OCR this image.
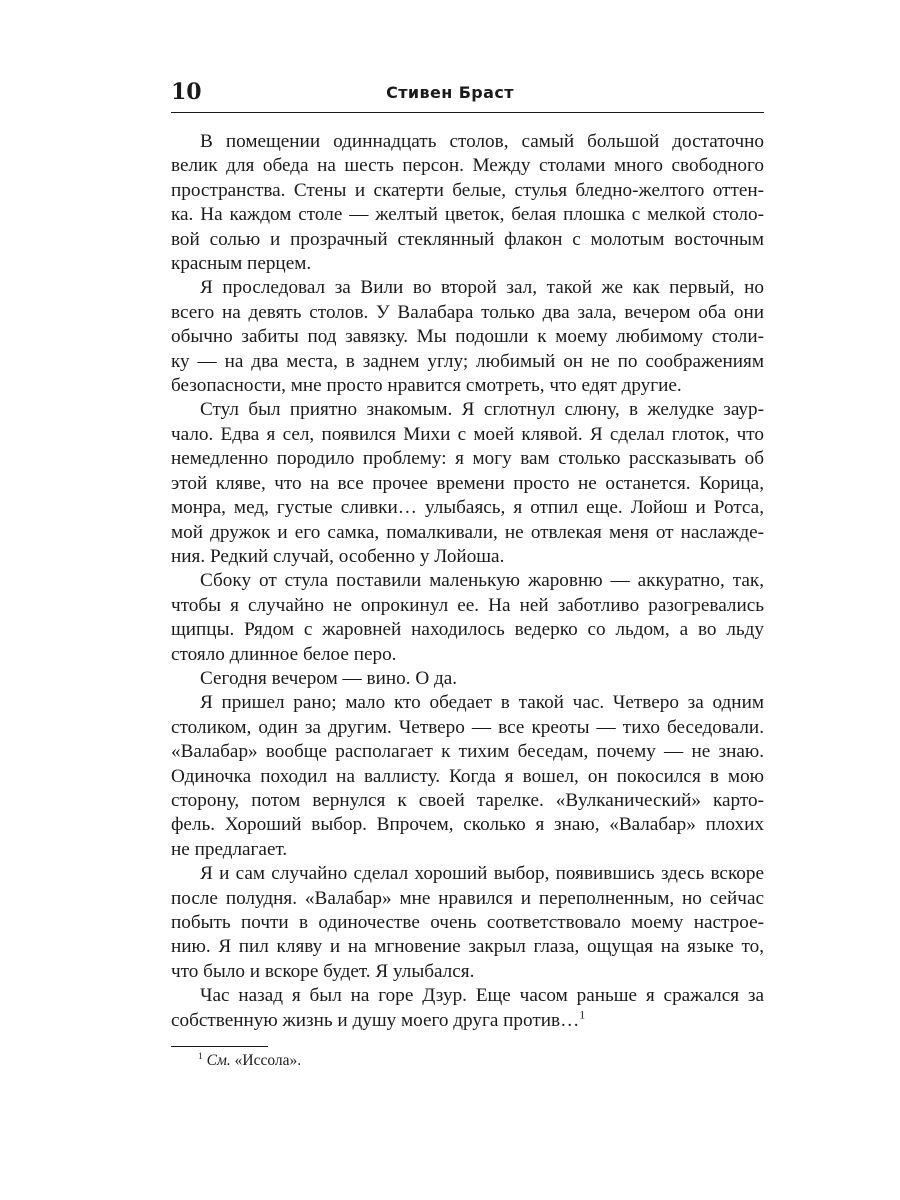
10	Стивен Браст
В помещении одиннадцать столов, самый большой достаточно
велик для обеда на шесть персон. Между столами много свободного
пространства. Стены и скатерти белые, стулья бледно-желтого оттен-
ка. На каждом столе — желтый цветок, белая плошка с мелкой столо-
вой солью и прозрачный стеклянный флакон с молотым восточным
красным перцем.
Я проследовал за Вили во второй зал, такой же как первый, но
всего на девять столов. У Валабара только два зала, вечером оба они
обычно забиты под завязку. Мы подошли к моему любимому столи-
ку — на два места, в заднем углу; любимый он не по соображениям
безопасности, мне просто нравится смотреть, что едят другие.
Стул был приятно знакомым. Я сглотнул слюну, в желудке заур-
чало. Едва я сел, появился Михи с моей клявой. Я сделал глоток, что
немедленно породило проблему: я могу вам столько рассказывать об
этой кляве, что на все прочее времени просто не останется. Корица,
монра, мед, густые сливки… улыбаясь, я отпил еще. Лойош и Ротса,
мой дружок и его самка, помалкивали, не отвлекая меня от наслажде-
ния. Редкий случай, особенно у Лойоша.
Сбоку от стула поставили маленькую жаровню — аккуратно, так,
чтобы я случайно не опрокинул ее. На ней заботливо разогревались
щипцы. Рядом с жаровней находилось ведерко со льдом, а во льду
стояло длинное белое перо.
Сегодня вечером — вино. О да.
Я пришел рано; мало кто обедает в такой час. Четверо за одним
столиком, один за другим. Четверо — все креоты — тихо беседовали.
«Валабар» вообще располагает к тихим беседам, почему — не знаю.
Одиночка походил на валлисту. Когда я вошел, он покосился в мою
сторону, потом вернулся к своей тарелке. «Вулканический» карто-
фель. Хороший выбор. Впрочем, сколько я знаю, «Валабар» плохих
не предлагает.
Я и сам случайно сделал хороший выбор, появившись здесь вскоре
после полудня. «Валабар» мне нравился и переполненным, но сейчас
побыть почти в одиночестве очень соответствовало моему настрое-
нию. Я пил кляву и на мгновение закрыл глаза, ощущая на языке то,
что было и вскоре будет. Я улыбался.
Час назад я был на горе Дзур. Еще часом раньше я сражался за
собственную жизнь и душу моего друга против…$^1$
$^1$ См. «Иссола».
